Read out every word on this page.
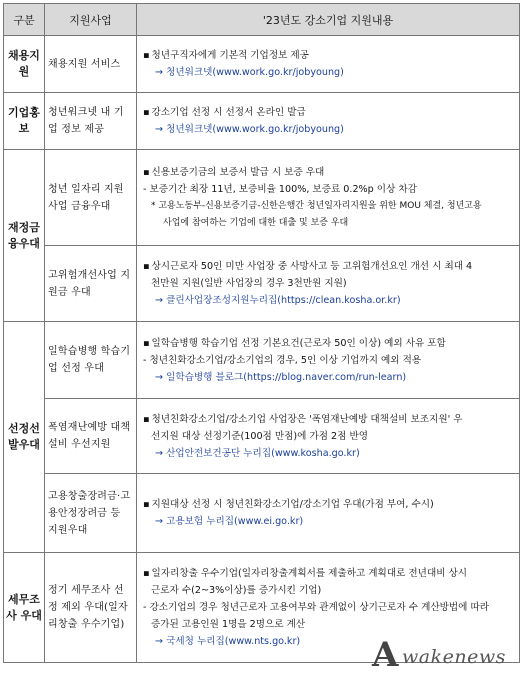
구분	지원사업	'23년도 강소기업 지원내용
채용지원	채용지원 서비스	▪ 청년구직자에게 기본적 기업정보 제공
→ 청년워크넷(www.work.go.kr/jobyoung)

기업홍보	청년워크넷 내 기업 정보 제공	▪ 강소기업 선정 시 선정서 온라인 발급
→ 청년워크넷(www.work.go.kr/jobyoung)

재정금융우대	청년 일자리 지원사업 금융우대	▪ 신용보증기금의 보증서 발급 시 보증 우대
- 보증기간 최장 11년, 보증비율 100%, 보증료 0.2%p 이상 차감
* 고용노동부-신용보증기금-신한은행간 청년일자리지원을 위한 MOU 체결, 청년고용
사업에 참여하는 기업에 대한 대출 및 보증 우대

	고위험개선사업 지원금 우대	▪ 상시근로자 50인 미만 사업장 중 사망사고 등 고위험개선요인 개선 시 최대 4
천만원 지원(일반 사업장의 경우 3천만원 지원)
→ 클린사업장조성지원누리집(https://clean.kosha.or.kr)

선정선발우대	일학습병행 학습기업 선정 우대	▪ 일학습병행 학습기업 선정 기본요건(근로자 50인 이상) 예외 사유 포함
- 청년친화강소기업/강소기업의 경우, 5인 이상 기업까지 예외 적용
→ 일학습병행 블로그(https://blog.naver.com/run-learn)

	폭염재난예방 대책설비 우선지원	▪ 청년친화강소기업/강소기업 사업장은 '폭염재난예방 대책설비 보조지원' 우
선지원 대상 선정기준(100점 만점)에 가점 2점 반영
→ 산업안전보건공단 누리집(www.kosha.go.kr)

	고용창출장려금·고용안정장려금 등 지원우대	▪ 지원대상 선정 시 청년친화강소기업/강소기업 우대(가점 부여, 수시)
→ 고용보험 누리집(www.ei.go.kr)

세무조사 우대	정기 세무조사 선정 제외 우대(일자리창출 우수기업)	▪ 일자리창출 우수기업(일자리창출계획서를 제출하고 계획대로 전년대비 상시
근로자 수(2~3%이상)를 증가시킨 기업)
- 강소기업의 경우 청년근로자 고용여부와 관계없이 상기근로자 수 계산방법에 따라
증가된 고용인원 1명을 2명으로 계산
→ 국세청 누리집(www.nts.go.kr)	A wakenews
